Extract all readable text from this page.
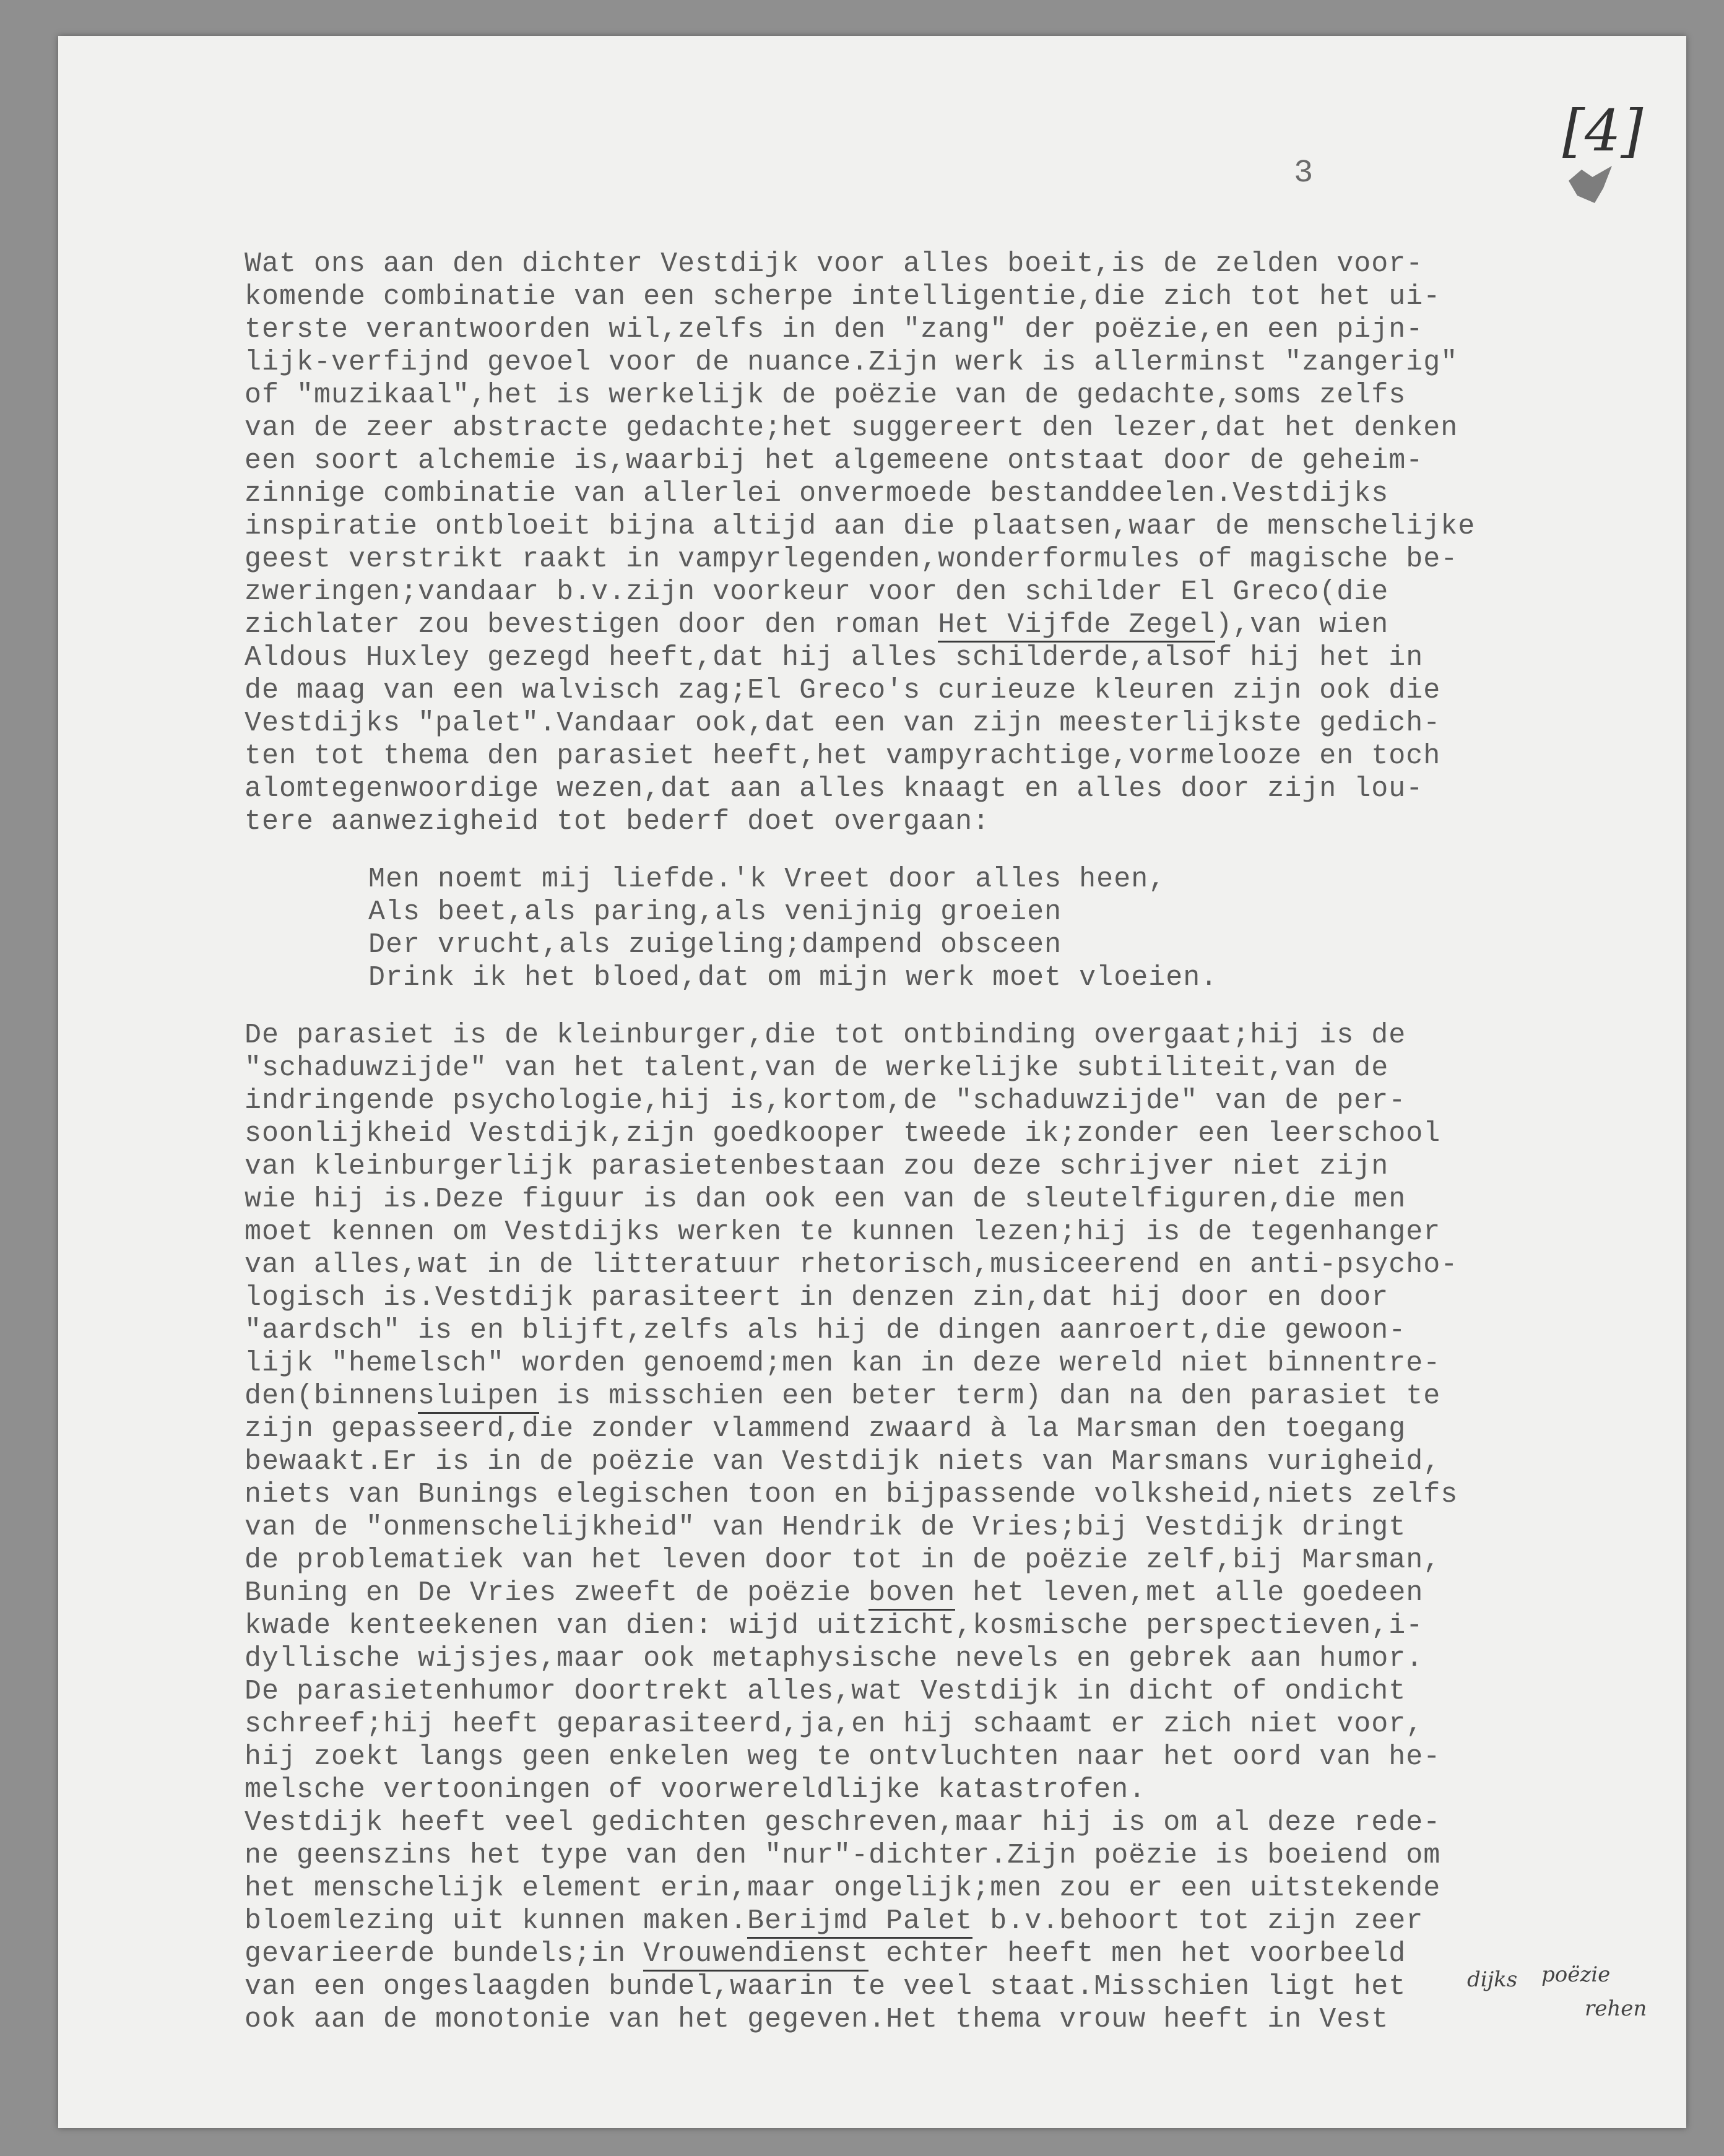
[4]
3
Wat ons aan den dichter Vestdijk voor alles boeit,is de zelden voor-
komende combinatie van een scherpe intelligentie,die zich tot het ui-
terste verantwoorden wil,zelfs in den "zang" der poëzie,en een pijn-
lijk-verfijnd gevoel voor de nuance.Zijn werk is allerminst "zangerig"
of "muzikaal",het is werkelijk de poëzie van de gedachte,soms zelfs
van de zeer abstracte gedachte;het suggereert den lezer,dat het denken
een soort alchemie is,waarbij het algemeene ontstaat door de geheim-
zinnige combinatie van allerlei onvermoede bestanddeelen.Vestdijks
inspiratie ontbloeit bijna altijd aan die plaatsen,waar de menschelijke
geest verstrikt raakt in vampyrlegenden,wonderformules of magische be-
zweringen;vandaar b.v.zijn voorkeur voor den schilder El Greco(die
zichlater zou bevestigen door den roman Het Vijfde Zegel),van wien
Aldous Huxley gezegd heeft,dat hij alles schilderde,alsof hij het in
de maag van een walvisch zag;El Greco's curieuze kleuren zijn ook die
Vestdijks "palet".Vandaar ook,dat een van zijn meesterlijkste gedich-
ten tot thema den parasiet heeft,het vampyrachtige,vormelooze en toch
alomtegenwoordige wezen,dat aan alles knaagt en alles door zijn lou-
tere aanwezigheid tot bederf doet overgaan:
Men noemt mij liefde.'k Vreet door alles heen,
Als beet,als paring,als venijnig groeien
Der vrucht,als zuigeling;dampend obsceen
Drink ik het bloed,dat om mijn werk moet vloeien.
De parasiet is de kleinburger,die tot ontbinding overgaat;hij is de
"schaduwzijde" van het talent,van de werkelijke subtiliteit,van de
indringende psychologie,hij is,kortom,de "schaduwzijde" van de per-
soonlijkheid Vestdijk,zijn goedkooper tweede ik;zonder een leerschool
van kleinburgerlijk parasietenbestaan zou deze schrijver niet zijn
wie hij is.Deze figuur is dan ook een van de sleutelfiguren,die men
moet kennen om Vestdijks werken te kunnen lezen;hij is de tegenhanger
van alles,wat in de litteratuur rhetorisch,musiceerend en anti-psycho-
logisch is.Vestdijk parasiteert in denzen zin,dat hij door en door
"aardsch" is en blijft,zelfs als hij de dingen aanroert,die gewoon-
lijk "hemelsch" worden genoemd;men kan in deze wereld niet binnentre-
den(binnensluipen is misschien een beter term) dan na den parasiet te
zijn gepasseerd,die zonder vlammend zwaard à la Marsman den toegang
bewaakt.Er is in de poëzie van Vestdijk niets van Marsmans vurigheid,
niets van Bunings elegischen toon en bijpassende volksheid,niets zelfs
van de "onmenschelijkheid" van Hendrik de Vries;bij Vestdijk dringt
de problematiek van het leven door tot in de poëzie zelf,bij Marsman,
Buning en De Vries zweeft de poëzie boven het leven,met alle goedeen
kwade kenteekenen van dien: wijd uitzicht,kosmische perspectieven,i-
dyllische wijsjes,maar ook metaphysische nevels en gebrek aan humor.
De parasietenhumor doortrekt alles,wat Vestdijk in dicht of ondicht
schreef;hij heeft geparasiteerd,ja,en hij schaamt er zich niet voor,
hij zoekt langs geen enkelen weg te ontvluchten naar het oord van he-
melsche vertooningen of voorwereldlijke katastrofen.
Vestdijk heeft veel gedichten geschreven,maar hij is om al deze rede-
ne geenszins het type van den "nur"-dichter.Zijn poëzie is boeiend om
het menschelijk element erin,maar ongelijk;men zou er een uitstekende
bloemlezing uit kunnen maken.Berijmd Palet b.v.behoort tot zijn zeer
gevarieerde bundels;in Vrouwendienst echter heeft men het voorbeeld
van een ongeslaagden bundel,waarin te veel staat.Misschien ligt het
ook aan de monotonie van het gegeven.Het thema vrouw heeft in Vest
dijks poëzie
rehen
